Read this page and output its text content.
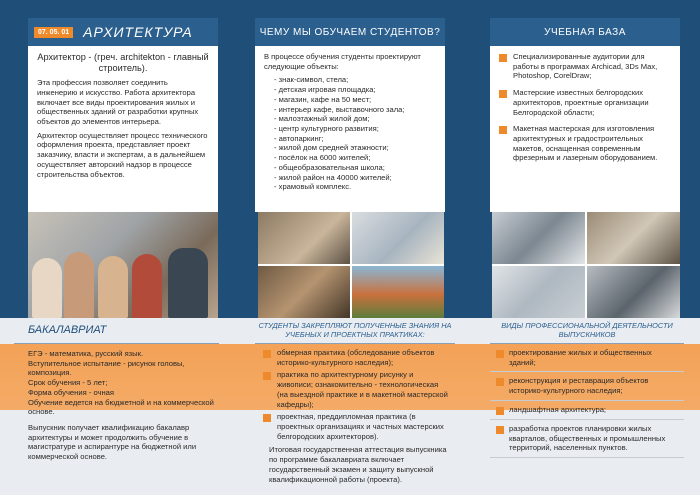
07. 05. 01 АРХИТЕКТУРА

Архитектор - (греч. architekton - главный строитель).

Эта профессия позволяет соединить инженерию и искусство. Работа архитектора включает все виды проектирования жилых и общественных зданий от разработки крупных объектов до элементов интерьера.

Архитектор осуществляет процесс технического оформления проекта, представляет проект заказчику, власти и экспертам, а в дальнейшем осуществляет авторский надзор в процессе строительства объектов.

ЧЕМУ МЫ ОБУЧАЕМ СТУДЕНТОВ?

В процессе обучения студенты проектируют следующие объекты:

- знак-символ, стела;
- детская игровая площадка;
- магазин, кафе на 50 мест;
- интерьер кафе, выставочного зала;
- малоэтажный жилой дом;
- центр культурного развития;
- автопаркинг;
- жилой дом средней этажности;
- посёлок на 6000 жителей;
- общеобразовательная школа;
- жилой район на 40000 жителей;
- храмовый комплекс.
УЧЕБНАЯ БАЗА
Специализированные аудитории для работы в программах Archicad, 3Ds Max, Photoshop, CorelDraw;
Мастерские известных белгородских архитекторов, проектные организации Белгородской области;
Макетная мастерская для изготовления архитектурных и градостроительных макетов, оснащенная современным фрезерным и лазерным оборудованием.
БАКАЛАВРИАТ

ЕГЭ - математика, русский язык.

Вступительное испытание - рисунок головы, композиция.

Срок обучения - 5 лет;

Форма обучения - очная

Обучение ведется на бюджетной и на коммерческой основе.

Выпускник получает квалификацию бакалавр архитектуры и может продолжить обучение в магистратуре и аспирантуре на бюджетной или коммерческой основе.

СТУДЕНТЫ ЗАКРЕПЛЯЮТ ПОЛУЧЕННЫЕ ЗНАНИЯ НА УЧЕБНЫХ И ПРОЕКТНЫХ ПРАКТИКАХ:
обмерная практика (обследование объектов историко-культурного наследия);
практика по архитектурному рисунку и живописи; ознакомительно - технологическая (на выездной практике и в макетной мастерской кафедры);
проектная, преддипломная практика (в проектных организациях и частных мастерских белгородских архитекторов).

Итоговая государственная аттестация выпускника по программе бакалавриата включает государственный экзамен и защиту выпускной квалификационной работы (проекта).

ВИДЫ ПРОФЕССИОНАЛЬНОЙ ДЕЯТЕЛЬНОСТИ ВЫПУСКНИКОВ
проектирование жилых и общественных зданий;
реконструкция и реставрация объектов историко-культурного наследия;
ландшафтная архитектура;
разработка проектов планировки жилых кварталов, общественных и промышленных территорий, населенных пунктов.
